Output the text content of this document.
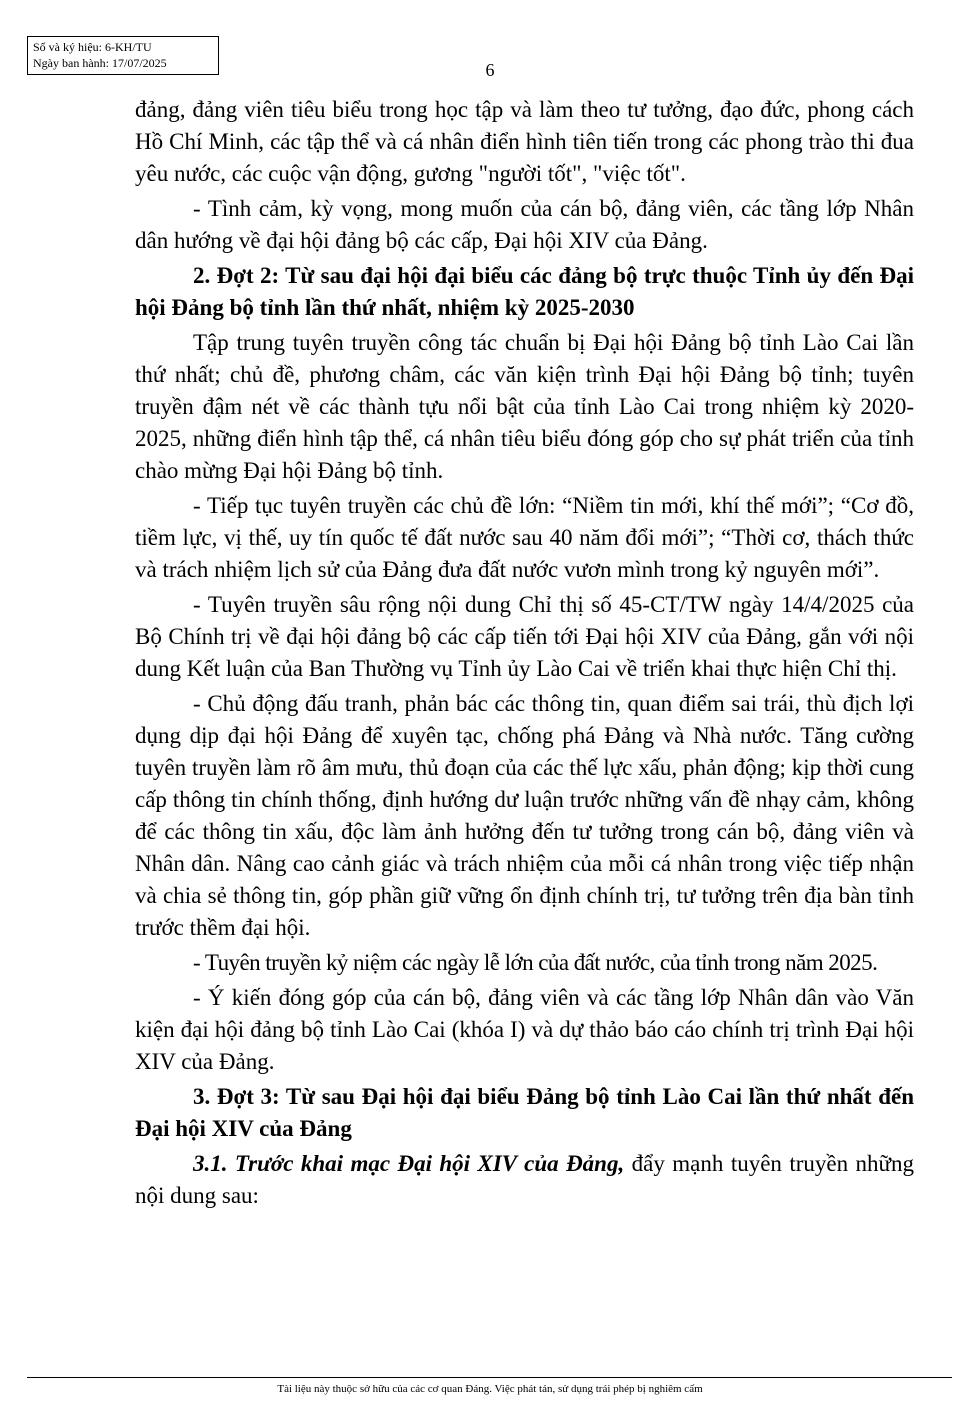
Số và ký hiệu: 6-KH/TU
Ngày ban hành: 17/07/2025	6

đảng, đảng viên tiêu biểu trong học tập và làm theo tư tưởng, đạo đức, phong cách Hồ Chí Minh, các tập thể và cá nhân điển hình tiên tiến trong các phong trào thi đua yêu nước, các cuộc vận động, gương "người tốt", "việc tốt".

- Tình cảm, kỳ vọng, mong muốn của cán bộ, đảng viên, các tầng lớp Nhân dân hướng về đại hội đảng bộ các cấp, Đại hội XIV của Đảng.

2. Đợt 2: Từ sau đại hội đại biểu các đảng bộ trực thuộc Tỉnh ủy đến Đại hội Đảng bộ tỉnh lần thứ nhất, nhiệm kỳ 2025-2030

Tập trung tuyên truyền công tác chuẩn bị Đại hội Đảng bộ tỉnh Lào Cai lần thứ nhất; chủ đề, phương châm, các văn kiện trình Đại hội Đảng bộ tỉnh; tuyên truyền đậm nét về các thành tựu nổi bật của tỉnh Lào Cai trong nhiệm kỳ 2020-2025, những điển hình tập thể, cá nhân tiêu biểu đóng góp cho sự phát triển của tỉnh chào mừng Đại hội Đảng bộ tỉnh.

- Tiếp tục tuyên truyền các chủ đề lớn: “Niềm tin mới, khí thế mới”; “Cơ đồ, tiềm lực, vị thế, uy tín quốc tế đất nước sau 40 năm đổi mới”; “Thời cơ, thách thức và trách nhiệm lịch sử của Đảng đưa đất nước vươn mình trong kỷ nguyên mới”.

- Tuyên truyền sâu rộng nội dung Chỉ thị số 45-CT/TW ngày 14/4/2025 của Bộ Chính trị về đại hội đảng bộ các cấp tiến tới Đại hội XIV của Đảng, gắn với nội dung Kết luận của Ban Thường vụ Tỉnh ủy Lào Cai về triển khai thực hiện Chỉ thị.

- Chủ động đấu tranh, phản bác các thông tin, quan điểm sai trái, thù địch lợi dụng dịp đại hội Đảng để xuyên tạc, chống phá Đảng và Nhà nước. Tăng cường tuyên truyền làm rõ âm mưu, thủ đoạn của các thế lực xấu, phản động; kịp thời cung cấp thông tin chính thống, định hướng dư luận trước những vấn đề nhạy cảm, không để các thông tin xấu, độc làm ảnh hưởng đến tư tưởng trong cán bộ, đảng viên và Nhân dân. Nâng cao cảnh giác và trách nhiệm của mỗi cá nhân trong việc tiếp nhận và chia sẻ thông tin, góp phần giữ vững ổn định chính trị, tư tưởng trên địa bàn tỉnh trước thềm đại hội.

- Tuyên truyền kỷ niệm các ngày lễ lớn của đất nước, của tỉnh trong năm 2025.

- Ý kiến đóng góp của cán bộ, đảng viên và các tầng lớp Nhân dân vào Văn kiện đại hội đảng bộ tỉnh Lào Cai (khóa I) và dự thảo báo cáo chính trị trình Đại hội XIV của Đảng.

3. Đợt 3: Từ sau Đại hội đại biểu Đảng bộ tỉnh Lào Cai lần thứ nhất đến Đại hội XIV của Đảng

3.1. Trước khai mạc Đại hội XIV của Đảng, đẩy mạnh tuyên truyền những nội dung sau:

Tài liệu này thuộc sở hữu của các cơ quan Đảng. Việc phát tán, sử dụng trái phép bị nghiêm cấm
